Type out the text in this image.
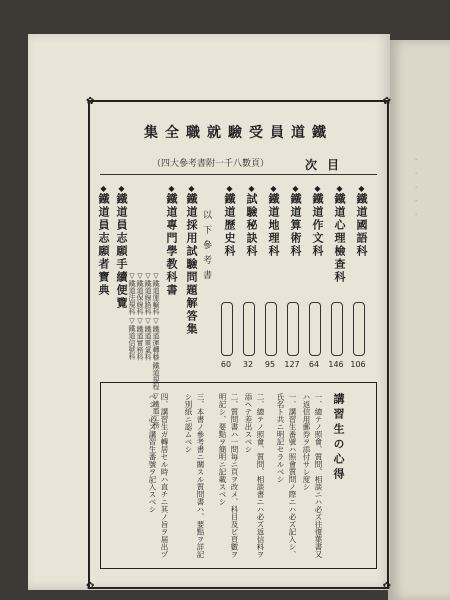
· · · · ·
✿	✿
✿	✿
鐵道員受驗就職全集
目次
（頁數八千一附書考參大四）
◆鐵道國語科
◆鐵道心理檢查科
◆鐵道作文科
◆鐵道算術科
◆鐵道地理科
◆試驗秘訣科
◆鐵道歷史科
106
146
64
127
95
32
60
以下參考書
◆鐵道採用試驗問題解答集
◆鐵道專門學教科書
◆鐵道員志願手續便覽
◆鐵道員志願者寶典
▽鐵道運輸科 ▽鐵道運轉科
▽鐵道線路科 ▽鐵道電氣科
▽鐵道保線科 ▽鐵道實務科
▽鐵道規程 ▽鐵道工務
▽鐵道法規科
▽鐵道信號科
講習生の心得
一、總テノ照會、質問、相談ニハ必ズ往復葉書又ハ返信用郵券ヲ添付サレ度シ
一、講習生番號ハ照會質問ノ際ニハ必ズ記入シ、氏名ト共ニ明記セラルベシ
二、總テノ照會、質問、相談書ニハ必ズ返信料ヲ添ヘテ差出スベシ
二、質問書ハ一問毎ニ頁ヲ改メ、科目及ビ頁數ヲ明記シ、要點ヲ簡明ニ記載スベシ
三、本書ノ參考書ニ關スル質問書ハ、要點ヲ詳記シ別紙ニ認ムベシ
四、講習生ガ轉居セル時ハ直チニ其ノ旨ヲ届出ヅベシ、必ズ講習生番號ヲ記入スベシ
